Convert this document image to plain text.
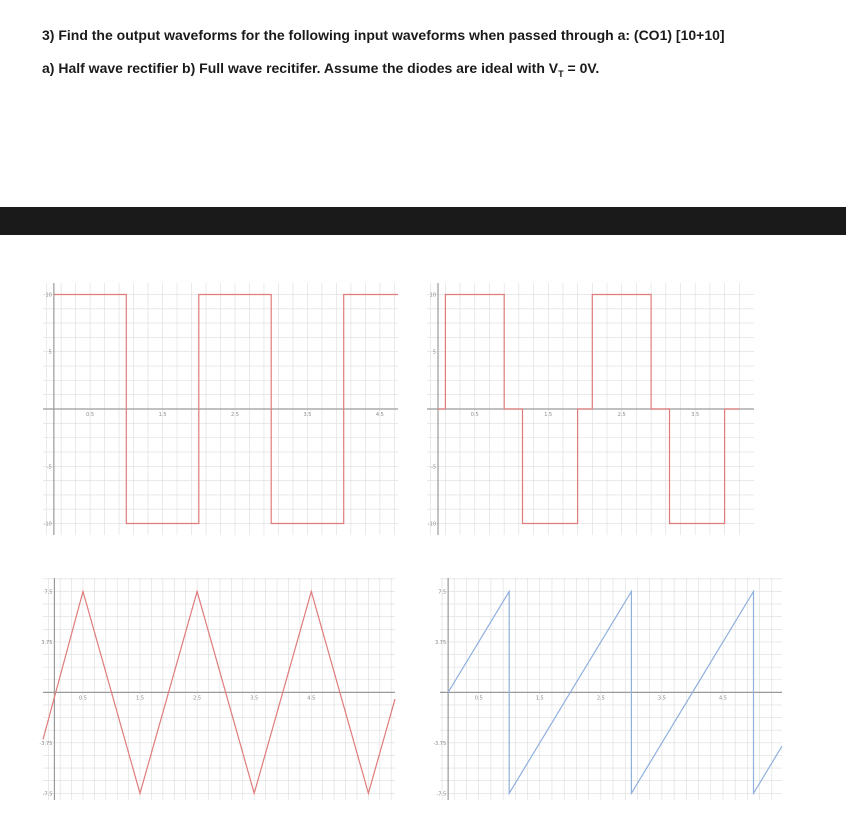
3) Find the output waveforms for the following input waveforms when passed through a: (CO1) [10+10]
a) Half wave rectifier b) Full wave recitifer. Assume the diodes are ideal with $V_T = 0V$.
0.5	1.5	2.5	3.5	4.5
10
5
-5
-10
0.5	1.5	2.5	3.5
10
5
-5
-10
0.5	1.5	2.5	3.5	4.5
7.5
3.75
-3.75
-7.5
0.5	1.5	2.5	3.5	4.5
7.5
3.75
-3.75
-7.5
